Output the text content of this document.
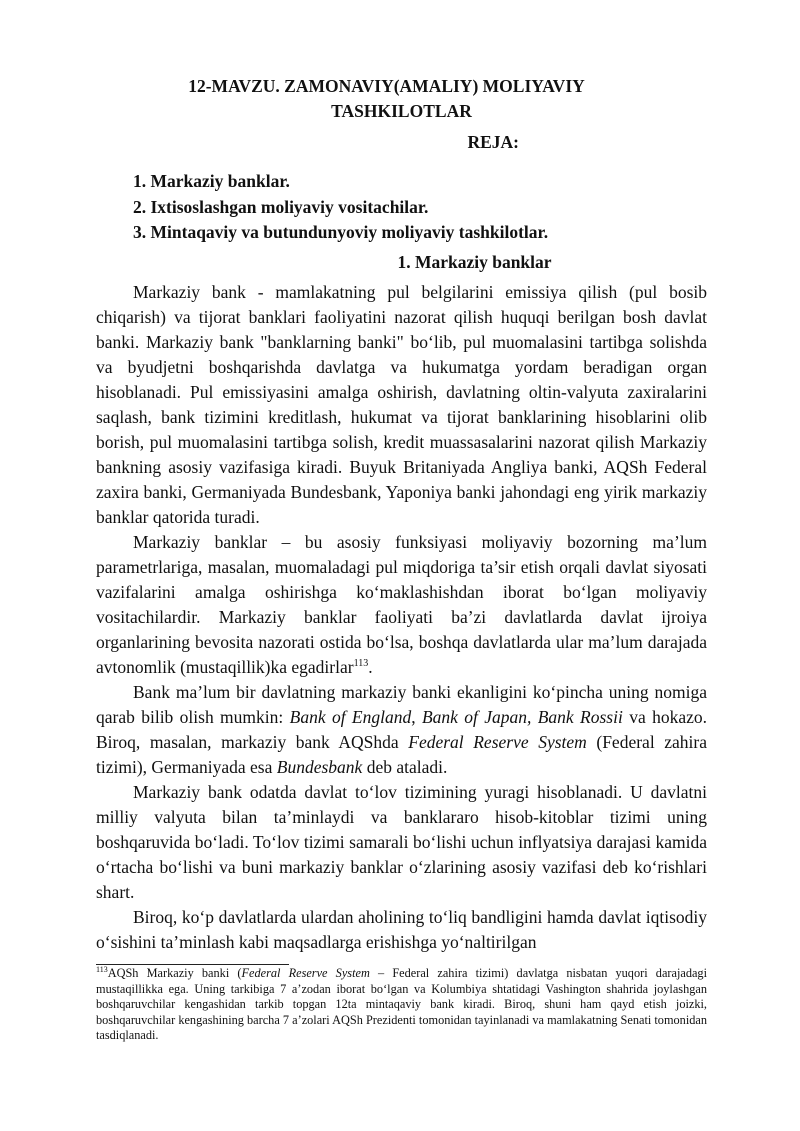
12-MAVZU. ZAMONAVIY(AMALIY) MOLIYAVIY
TASHKILOTLAR
REJA:
1. Markaziy banklar.
2. Ixtisoslashgan moliyaviy vositachilar.
3. Mintaqaviy va butundunyoviy moliyaviy tashkilotlar.
1. Markaziy banklar

Markaziy bank - mamlakatning pul belgilarini emissiya qilish (pul bosib chiqarish) va tijorat banklari faoliyatini nazorat qilish huquqi berilgan bosh davlat banki. Markaziy bank "banklarning banki" bo‘lib, pul muomalasini tartibga solishda va byudjetni boshqarishda davlatga va hukumatga yordam beradigan organ hisoblanadi. Pul emissiyasini amalga oshirish, davlatning oltin-valyuta zaxiralarini saqlash, bank tizimini kreditlash, hukumat va tijorat banklarining hisoblarini olib borish, pul muomalasini tartibga solish, kredit muassasalarini nazorat qilish Markaziy bankning asosiy vazifasiga kiradi. Buyuk Britaniyada Angliya banki, AQSh Federal zaxira banki, Germaniyada Bundesbank, Yaponiya banki jahondagi eng yirik markaziy banklar qatorida turadi.

Markaziy banklar – bu asosiy funksiyasi moliyaviy bozorning ma’lum parametrlariga, masalan, muomaladagi pul miqdoriga ta’sir etish orqali davlat siyosati vazifalarini amalga oshirishga ko‘maklashishdan iborat bo‘lgan moliyaviy vositachilardir. Markaziy banklar faoliyati ba’zi davlatlarda davlat ijroiya organlarining bevosita nazorati ostida bo‘lsa, boshqa davlatlarda ular ma’lum darajada avtonomlik (mustaqillik)ka egadirlar$^{113}$.

Bank ma’lum bir davlatning markaziy banki ekanligini ko‘pincha uning nomiga qarab bilib olish mumkin: Bank of England, Bank of Japan, Bank Rossii va hokazo. Biroq, masalan, markaziy bank AQShda Federal Reserve System (Federal zahira tizimi), Germaniyada esa Bundesbank deb ataladi.

Markaziy bank odatda davlat to‘lov tizimining yuragi hisoblanadi. U davlatni milliy valyuta bilan ta’minlaydi va banklararo hisob-kitoblar tizimi uning boshqaruvida bo‘ladi. To‘lov tizimi samarali bo‘lishi uchun inflyatsiya darajasi kamida o‘rtacha bo‘lishi va buni markaziy banklar o‘zlarining asosiy vazifasi deb ko‘rishlari shart.

Biroq, ko‘p davlatlarda ulardan aholining to‘liq bandligini hamda davlat iqtisodiy o‘sishini ta’minlash kabi maqsadlarga erishishga yo‘naltirilgan

$^{113}$AQSh Markaziy banki (Federal Reserve System – Federal zahira tizimi) davlatga nisbatan yuqori darajadagi mustaqillikka ega. Uning tarkibiga 7 a’zodan iborat bo‘lgan va Kolumbiya shtatidagi Vashington shahrida joylashgan boshqaruvchilar kengashidan tarkib topgan 12ta mintaqaviy bank kiradi. Biroq, shuni ham qayd etish joizki, boshqaruvchilar kengashining barcha 7 a’zolari AQSh Prezidenti tomonidan tayinlanadi va mamlakatning Senati tomonidan tasdiqlanadi.
